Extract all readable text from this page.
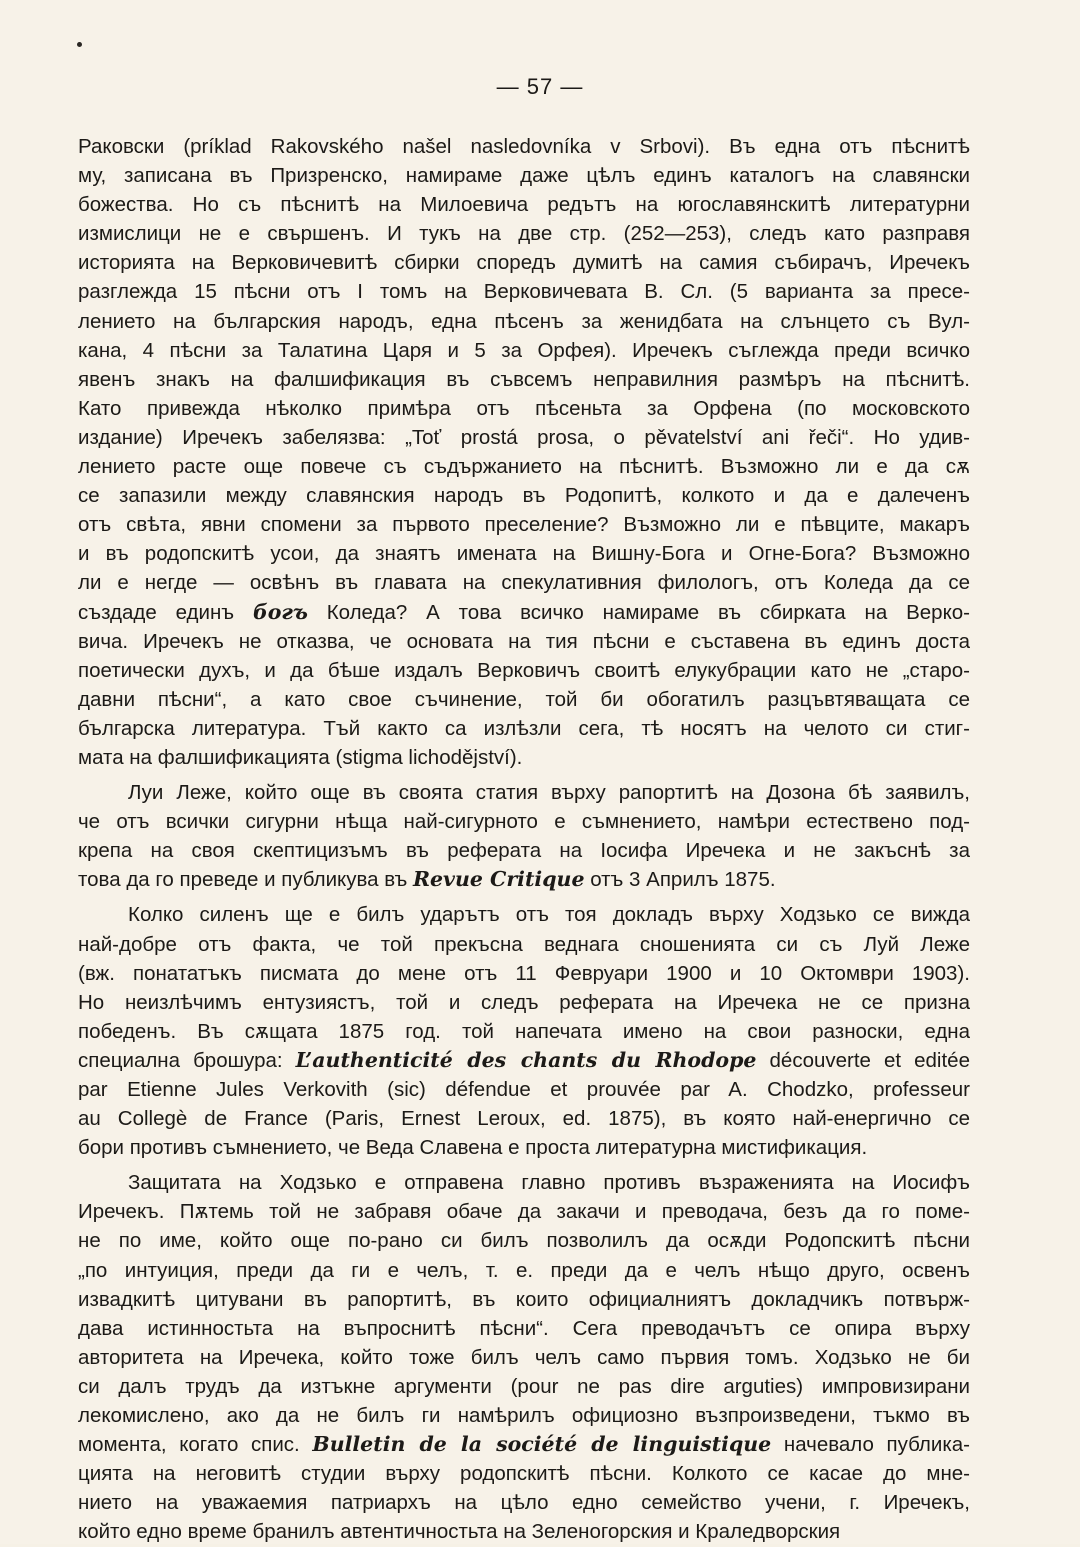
— 57 —
Раковски (príklad Rakovského našel nasledovníka v Srbovi). Въ една отъ пѣснитѣ
му, записана въ Призренско, намираме даже цѣлъ единъ каталогъ на славянски
божества. Но съ пѣснитѣ на Милоевича редътъ на югославянскитѣ литературни
измислици не е свършенъ. И тукъ на две стр. (252—253), следъ като разправя
историята на Верковичевитѣ сбирки споредъ думитѣ на самия събирачъ, Иречекъ
разглежда 15 пѣсни отъ I томъ на Верковичевата В. Сл. (5 варианта за пресе-
лението на българския народъ, една пѣсенъ за женидбата на слънцето съ Вул-
кана, 4 пѣсни за Талатина Царя и 5 за Орфея). Иречекъ съглежда преди всичко
явенъ знакъ на фалшификация въ съвсемъ неправилния размѣръ на пѣснитѣ.
Като привежда нѣколко примѣра отъ пѣсеньта за Орфена (по московското
издание) Иречекъ забелязва: „Toť prostá prosa, o pěvatelství ani řeči“. Но удив-
лението расте още повече съ съдържанието на пѣснитѣ. Възможно ли е да сѫ
се запазили между славянския народъ въ Родопитѣ, колкото и да е далеченъ
отъ свѣта, явни спомени за първото преселение? Възможно ли е пѣвците, макаръ
и въ родопскитѣ усои, да знаятъ имената на Вишну-Бога и Огне-Бога? Възможно
ли е негде — освѣнъ въ главата на спекулативния филологъ, отъ Коледа да се
създаде единъ богъ Коледа? А това всичко намираме въ сбирката на Верко-
вича. Иречекъ не отказва, че основата на тия пѣсни е съставена въ единъ доста
поетически духъ, и да бѣше издалъ Верковичъ своитѣ елукубрации като не „старо-
давни пѣсни“, а като свое съчинение, той би обогатилъ разцъвтяващата се
българска литература. Тъй както са излѣзли сега, тѣ носятъ на челото си стиг-
мата на фалшификацията (stigma lichodějství).
Луи Леже, който още въ своята статия върху рапортитѣ на Дозона бѣ заявилъ,
че отъ всички сигурни нѣща най-сигурното е съмнението, намѣри естествено под-
крепа на своя скептицизъмъ въ реферата на Iосифа Иречека и не закъснѣ за
това да го преведе и публикува въ Revue Critique отъ 3 Априлъ 1875.
Колко силенъ ще е билъ ударътъ отъ тоя докладъ върху Ходзько се вижда
най-добре отъ факта, че той прекъсна веднага сношенията си съ Луй Леже
(вж. понататъкъ писмата до мене отъ 11 Февруари 1900 и 10 Октомври 1903).
Но неизлѣчимъ ентузиястъ, той и следъ реферата на Иречека не се призна
победенъ. Въ сѫщата 1875 год. той напечата имено на свои разноски, една
специална брошура: L’authenticité des chants du Rhodope découverte et editée
par Etienne Jules Verkovith (sic) défendue et prouvée par A. Chodzko, professeur
au Collegè de France (Paris, Ernest Leroux, ed. 1875), въ която най-енергично се
бори противъ съмнението, че Веда Славена е проста литературна мистификация.
Защитата на Ходзько е отправена главно противъ възраженията на Иосифъ
Иречекъ. Пѫтемь той не забравя обаче да закачи и преводача, безъ да го поме-
не по име, който още по-рано си билъ позволилъ да осѫди Родопскитѣ пѣсни
„по интуиция, преди да ги е челъ, т. е. преди да е челъ нѣщо друго, освенъ
извадкитѣ цитувани въ рапортитѣ, въ които официалниятъ докладчикъ потвърж-
дава истинностьта на въпроснитѣ пѣсни“. Сега преводачътъ се опира върху
авторитета на Иречека, който тоже билъ челъ само първия томъ. Ходзько не би
си далъ трудъ да изтъкне аргументи (pour ne pas dire arguties) импровизирани
лекомислено, ако да не билъ ги намѣрилъ официозно възпроизведени, тъкмо въ
момента, когато спис. Bulletin de la société de linguistique начевало публика-
цията на неговитѣ студии върху родопскитѣ пѣсни. Колкото се касае до мне-
нието на уважаемия патриархъ на цѣло едно семейство учени, г. Иречекъ,
който едно време бранилъ автентичностьта на Зеленогорския и Краледворския
